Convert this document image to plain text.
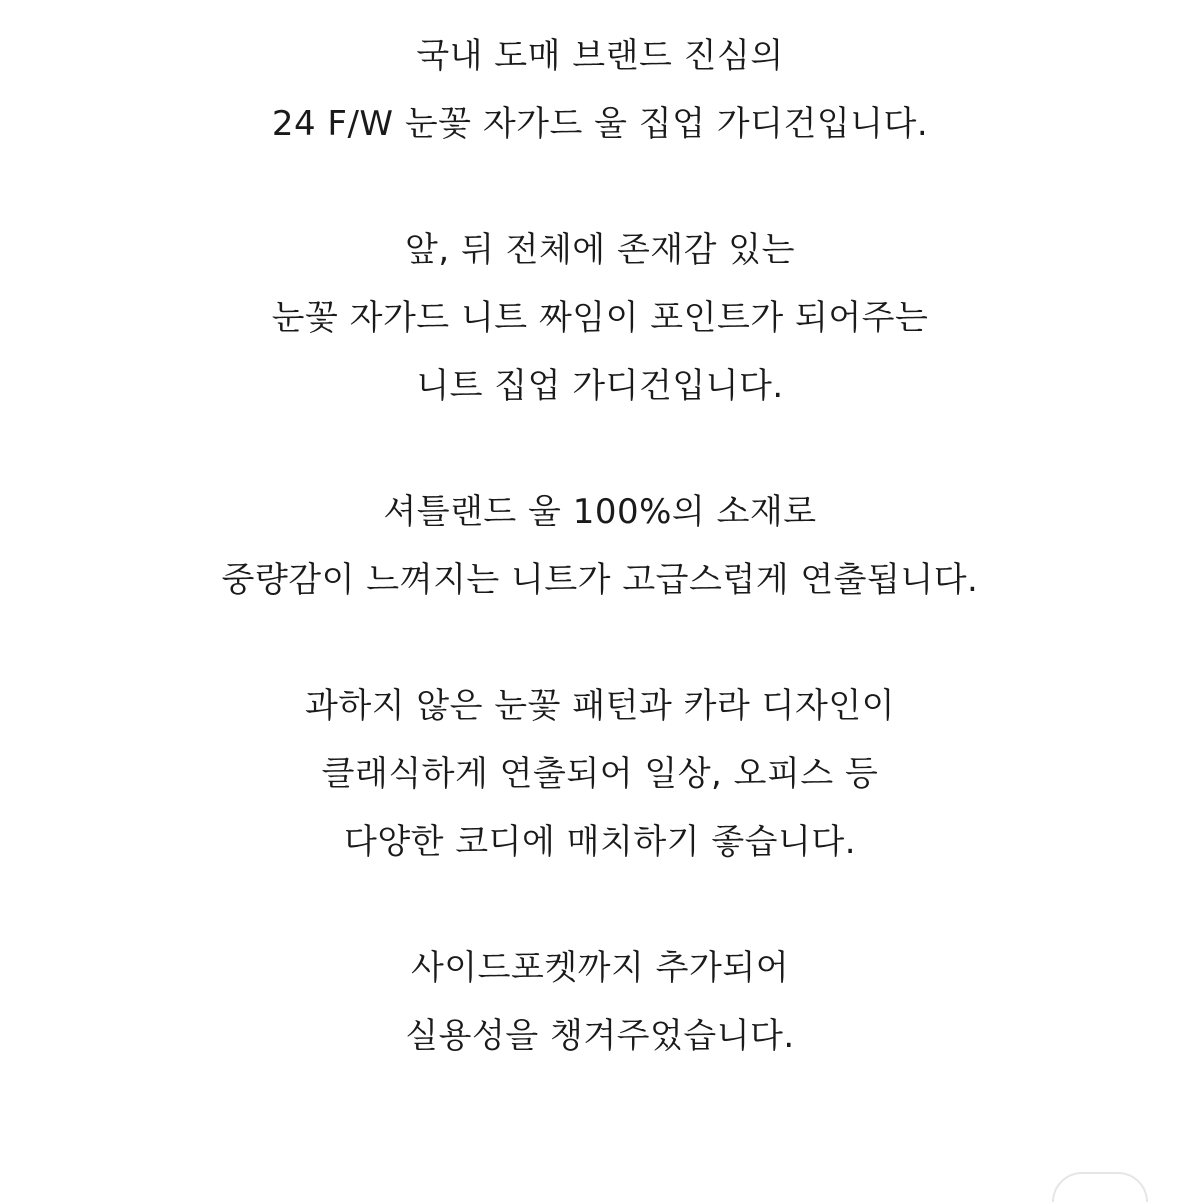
국내 도매 브랜드 진심의
24 F/W 눈꽃 자가드 울 집업 가디건입니다.
앞, 뒤 전체에 존재감 있는
눈꽃 자가드 니트 짜임이 포인트가 되어주는
니트 집업 가디건입니다.
셔틀랜드 울 100%의 소재로
중량감이 느껴지는 니트가 고급스럽게 연출됩니다.
과하지 않은 눈꽃 패턴과 카라 디자인이
클래식하게 연출되어 일상, 오피스 등
다양한 코디에 매치하기 좋습니다.
사이드포켓까지 추가되어
실용성을 챙겨주었습니다.
